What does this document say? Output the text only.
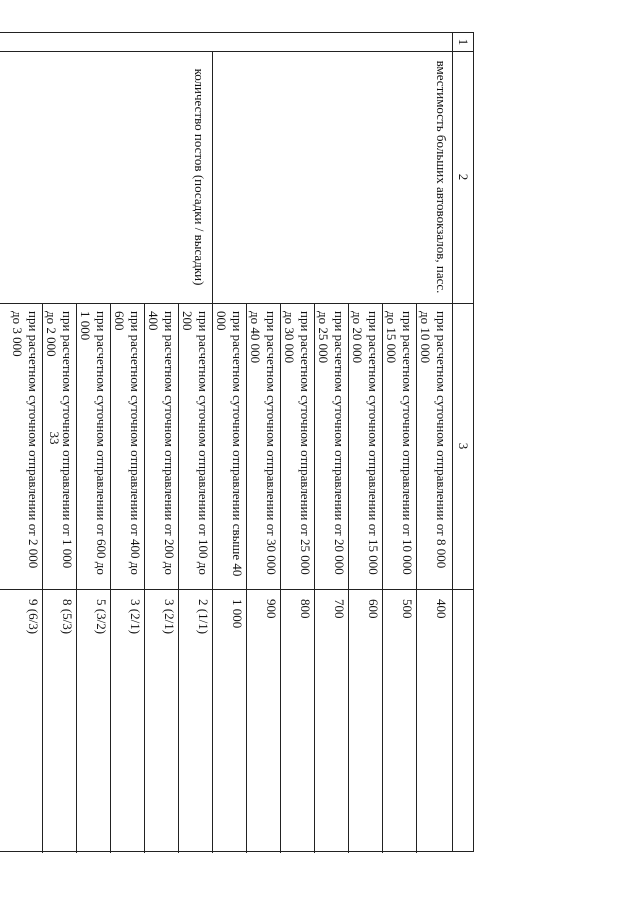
33
1
2
3
вместимость больших автовокзалов, пасс.
количество постов (посадки / высадки)
при расчетном суточном отправлении от 8 000 до 10 000
400
при расчетном суточном отправлении от 10 000 до 15 000
500
при расчетном суточном отправлении от 15 000 до 20 000
600
при расчетном суточном отправлении от 20 000 до 25 000
700
при расчетном суточном отправлении от 25 000 до 30 000
800
при расчетном суточном отправлении от 30 000 до 40 000
900
при расчетном суточном отправлении свыше 40 000
1 000
при расчетном суточном отправлении от 100 до 200
2 (1/1)
при расчетном суточном отправлении от 200 до 400
3 (2/1)
при расчетном суточном отправлении от 400 до 600
3 (2/1)
при расчетном суточном отправлении от 600 до 1 000
5 (3/2)
при расчетном суточном отправлении от 1 000 до 2 000
8 (5/3)
при расчетном суточном отправлении от 2 000 до 3 000
9 (6/3)
